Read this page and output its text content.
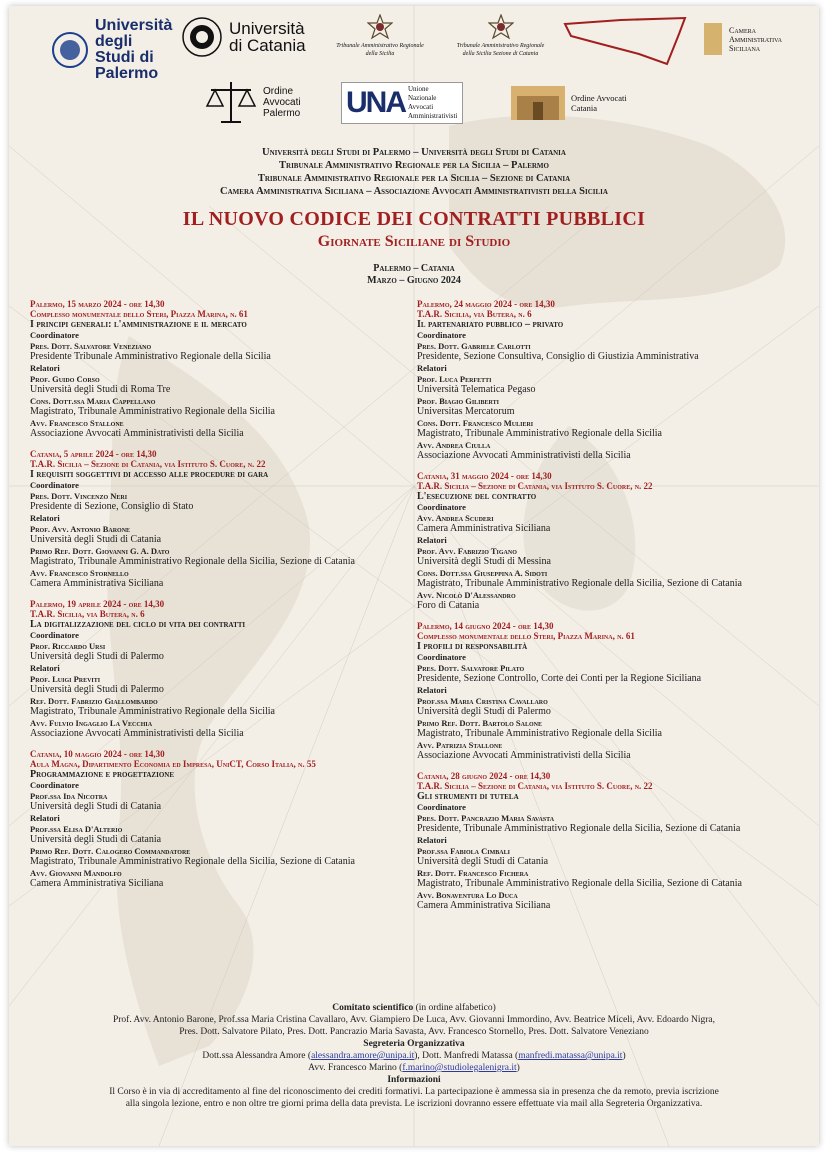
Università degli Studi di Palermo
Università di Catania	Tribunale Amministrativo Regionale della Sicilia
Tribunale Amministrativo Regionale della Sicilia Sezione di Catania
Camera Amministrativa Siciliana
Ordine Avvocati Palermo	UNA Unione Nazionale Avvocati Amministrativisti
Ordine Avvocati Catania
Università degli Studi di Palermo – Università degli Studi di Catania
Tribunale Amministrativo Regionale per la Sicilia – Palermo
Tribunale Amministrativo Regionale per la Sicilia – Sezione di Catania
Camera Amministrativa Siciliana – Associazione Avvocati Amministrativisti della Sicilia
IL NUOVO CODICE DEI CONTRATTI PUBBLICI
Giornate Siciliane di Studio
Palermo – Catania
Marzo – Giugno 2024
Palermo, 15 marzo 2024 - ore 14,30
Complesso monumentale dello Steri, Piazza Marina, n. 61
I principi generali: l'amministrazione e il mercato
Coordinatore
Pres. Dott. Salvatore Veneziano
Presidente Tribunale Amministrativo Regionale della Sicilia
Relatori
Prof. Guido Corso
Università degli Studi di Roma Tre
Cons. Dott.ssa Maria Cappellano
Magistrato, Tribunale Amministrativo Regionale della Sicilia
Avv. Francesco Stallone
Associazione Avvocati Amministrativisti della Sicilia
Catania, 5 aprile 2024 - ore 14,30
T.A.R. Sicilia – Sezione di Catania, via Istituto S. Cuore, n. 22
I requisiti soggettivi di accesso alle procedure di gara
Coordinatore
Pres. Dott. Vincenzo Neri
Presidente di Sezione, Consiglio di Stato
Relatori
Prof. Avv. Antonio Barone
Università degli Studi di Catania
Primo Ref. Dott. Giovanni G. A. Dato
Magistrato, Tribunale Amministrativo Regionale della Sicilia, Sezione di Catania
Avv. Francesco Stornello
Camera Amministrativa Siciliana
Palermo, 19 aprile 2024 - ore 14,30
T.A.R. Sicilia, via Butera, n. 6
La digitalizzazione del ciclo di vita dei contratti
Coordinatore
Prof. Riccardo Ursi
Università degli Studi di Palermo
Relatori
Prof. Luigi Previti
Università degli Studi di Palermo
Ref. Dott. Fabrizio Giallombardo
Magistrato, Tribunale Amministrativo Regionale della Sicilia
Avv. Fulvio Ingaglio La Vecchia
Associazione Avvocati Amministrativisti della Sicilia
Catania, 10 maggio 2024 - ore 14,30
Aula Magna, Dipartimento Economia ed Impresa, UniCT, Corso Italia, n. 55
Programmazione e progettazione
Coordinatore
Prof.ssa Ida Nicotra
Università degli Studi di Catania
Relatori
Prof.ssa Elisa D'Alterio
Università degli Studi di Catania
Primo Ref. Dott. Calogero Commandatore
Magistrato, Tribunale Amministrativo Regionale della Sicilia, Sezione di Catania
Avv. Giovanni Mandolfo
Camera Amministrativa Siciliana
Palermo, 24 maggio 2024 - ore 14,30
T.A.R. Sicilia, via Butera, n. 6
Il partenariato pubblico – privato
Coordinatore
Pres. Dott. Gabriele Carlotti
Presidente, Sezione Consultiva, Consiglio di Giustizia Amministrativa
Relatori
Prof. Luca Perfetti
Università Telematica Pegaso
Prof. Biagio Giliberti
Universitas Mercatorum
Cons. Dott. Francesco Mulieri
Magistrato, Tribunale Amministrativo Regionale della Sicilia
Avv. Andrea Ciulla
Associazione Avvocati Amministrativisti della Sicilia
Catania, 31 maggio 2024 - ore 14,30
T.A.R. Sicilia – Sezione di Catania, via Istituto S. Cuore, n. 22
L'esecuzione del contratto
Coordinatore
Avv. Andrea Scuderi
Camera Amministrativa Siciliana
Relatori
Prof. Avv. Fabrizio Tigano
Università degli Studi di Messina
Cons. Dott.ssa Giuseppina A. Sidoti
Magistrato, Tribunale Amministrativo Regionale della Sicilia, Sezione di Catania
Avv. Nicolò D'Alessandro
Foro di Catania
Palermo, 14 giugno 2024 - ore 14,30
Complesso monumentale dello Steri, Piazza Marina, n. 61
I profili di responsabilità
Coordinatore
Pres. Dott. Salvatore Pilato
Presidente, Sezione Controllo, Corte dei Conti per la Regione Siciliana
Relatori
Prof.ssa Maria Cristina Cavallaro
Università degli Studi di Palermo
Primo Ref. Dott. Bartolo Salone
Magistrato, Tribunale Amministrativo Regionale della Sicilia
Avv. Patrizia Stallone
Associazione Avvocati Amministrativisti della Sicilia
Catania, 28 giugno 2024 - ore 14,30
T.A.R. Sicilia – Sezione di Catania, via Istituto S. Cuore, n. 22
Gli strumenti di tutela
Coordinatore
Pres. Dott. Pancrazio Maria Savasta
Presidente, Tribunale Amministrativo Regionale della Sicilia, Sezione di Catania
Relatori
Prof.ssa Fabiola Cimbali
Università degli Studi di Catania
Ref. Dott. Francesco Fichera
Magistrato, Tribunale Amministrativo Regionale della Sicilia, Sezione di Catania
Avv. Bonaventura Lo Duca
Camera Amministrativa Siciliana
Comitato scientifico (in ordine alfabetico)
Prof. Avv. Antonio Barone, Prof.ssa Maria Cristina Cavallaro, Avv. Giampiero De Luca, Avv. Giovanni Immordino, Avv. Beatrice Miceli, Avv. Edoardo Nigra,
Pres. Dott. Salvatore Pilato, Pres. Dott. Pancrazio Maria Savasta, Avv. Francesco Stornello, Pres. Dott. Salvatore Veneziano
Segreteria Organizzativa
Dott.ssa Alessandra Amore (alessandra.amore@unipa.it), Dott. Manfredi Matassa (manfredi.matassa@unipa.it)
Avv. Francesco Marino (f.marino@studiolegalenigra.it)
Informazioni
Il Corso è in via di accreditamento al fine del riconoscimento dei crediti formativi. La partecipazione è ammessa sia in presenza che da remoto, previa iscrizione
alla singola lezione, entro e non oltre tre giorni prima della data prevista. Le iscrizioni dovranno essere effettuate via mail alla Segreteria Organizzativa.
